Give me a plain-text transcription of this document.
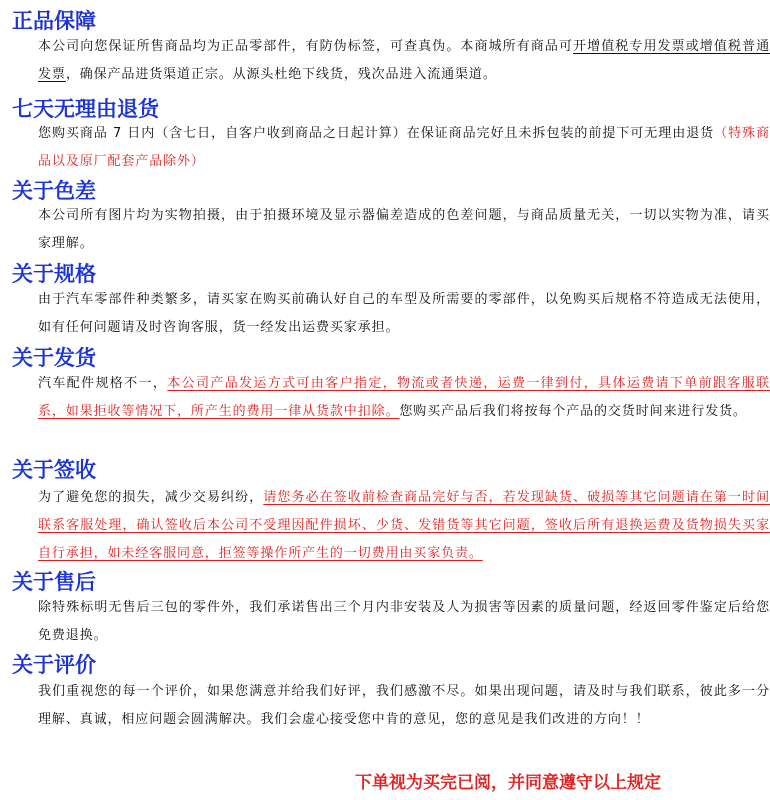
正品保障

本公司向您保证所售商品均为正品零部件，有防伪标签，可查真伪。本商城所有商品可开增值税专用发票或增值税普通发票，确保产品进货渠道正宗。从源头杜绝下线货，残次品进入流通渠道。

七天无理由退货

您购买商品 7 日内（含七日，自客户收到商品之日起计算）在保证商品完好且未拆包装的前提下可无理由退货（特殊商品以及原厂配套产品除外）

关于色差

本公司所有图片均为实物拍摄，由于拍摄环境及显示器偏差造成的色差问题，与商品质量无关，一切以实物为准，请买家理解。

关于规格

由于汽车零部件种类繁多，请买家在购买前确认好自己的车型及所需要的零部件，以免购买后规格不符造成无法使用，如有任何问题请及时咨询客服，货一经发出运费买家承担。

关于发货

汽车配件规格不一，本公司产品发运方式可由客户指定，物流或者快递，运费一律到付，具体运费请下单前跟客服联系，如果拒收等情况下，所产生的费用一律从货款中扣除。您购买产品后我们将按每个产品的交货时间来进行发货。

关于签收

为了避免您的损失，减少交易纠纷，请您务必在签收前检查商品完好与否，若发现缺货、破损等其它问题请在第一时间联系客服处理，确认签收后本公司不受理因配件损坏、少货、发错货等其它问题，签收后所有退换运费及货物损失买家自行承担，如未经客服同意，拒签等操作所产生的一切费用由买家负责。

关于售后

除特殊标明无售后三包的零件外，我们承诺售出三个月内非安装及人为损害等因素的质量问题，经返回零件鉴定后给您免费退换。

关于评价

我们重视您的每一个评价，如果您满意并给我们好评，我们感激不尽。如果出现问题，请及时与我们联系，彼此多一分理解、真诚，相应问题会圆满解决。我们会虚心接受您中肯的意见，您的意见是我们改进的方向！！

下单视为买完已阅，并同意遵守以上规定
